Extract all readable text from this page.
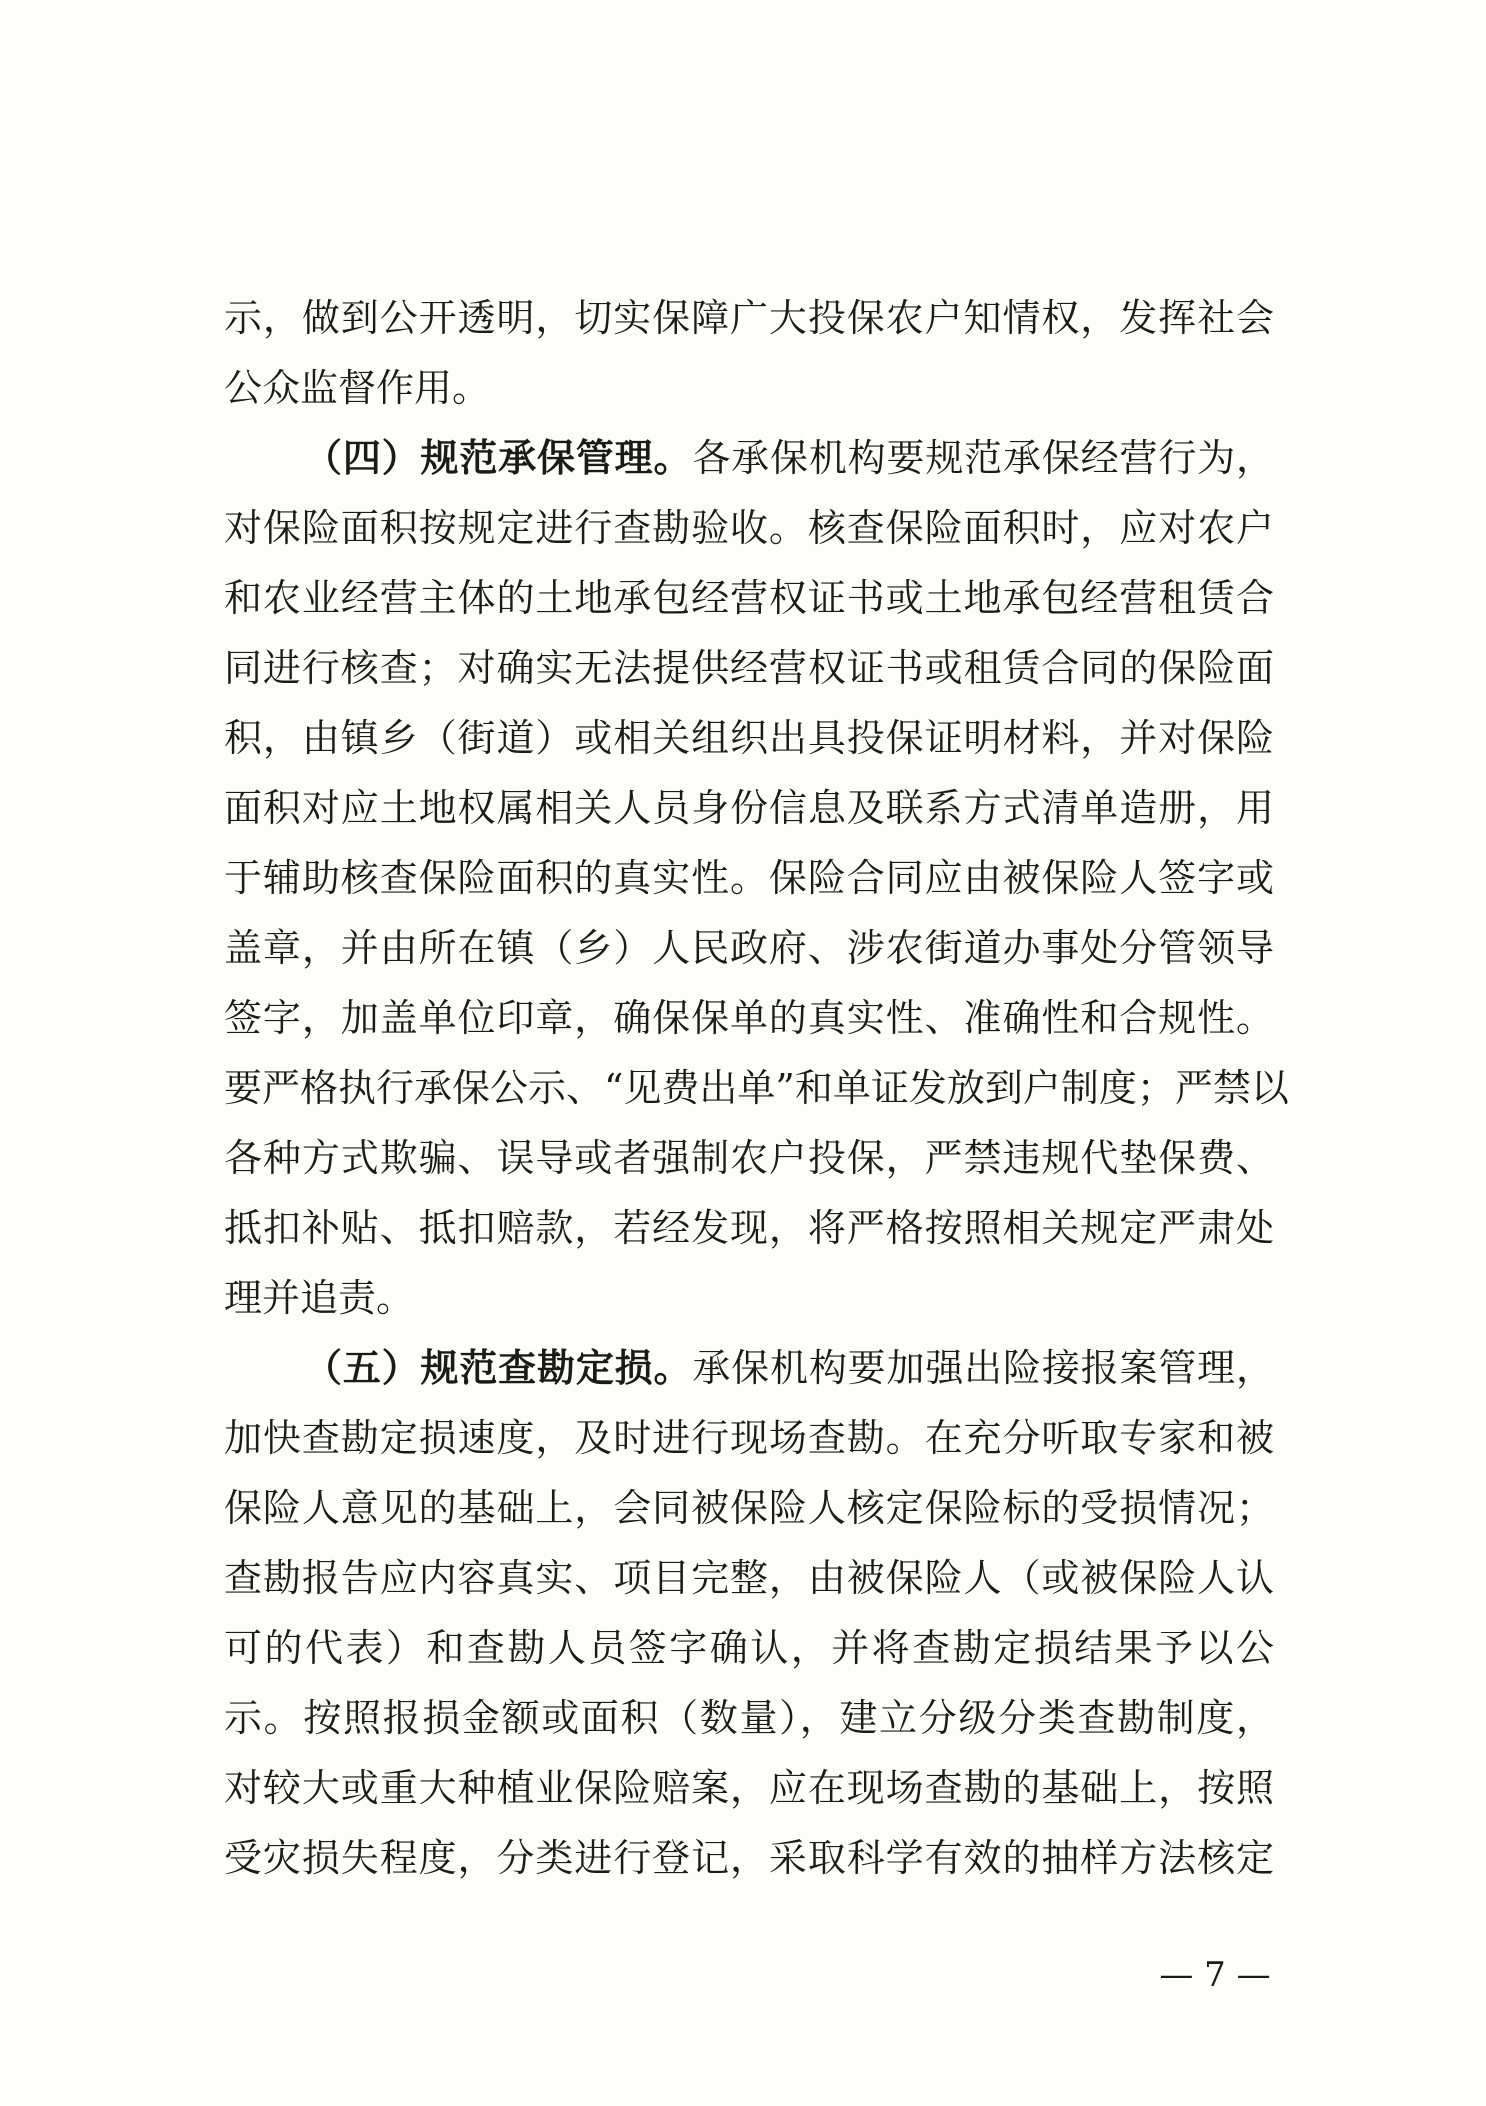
示，做到公开透明，切实保障广大投保农户知情权，发挥社会
公众监督作用。
（四）规范承保管理。各承保机构要规范承保经营行为，
对保险面积按规定进行查勘验收。核查保险面积时，应对农户
和农业经营主体的土地承包经营权证书或土地承包经营租赁合
同进行核查；对确实无法提供经营权证书或租赁合同的保险面
积，由镇乡（街道）或相关组织出具投保证明材料，并对保险
面积对应土地权属相关人员身份信息及联系方式清单造册，用
于辅助核查保险面积的真实性。保险合同应由被保险人签字或
盖章，并由所在镇（乡）人民政府、涉农街道办事处分管领导
签字，加盖单位印章，确保保单的真实性、准确性和合规性。
要严格执行承保公示、“见费出单”和单证发放到户制度；严禁以
各种方式欺骗、误导或者强制农户投保，严禁违规代垫保费、
抵扣补贴、抵扣赔款，若经发现，将严格按照相关规定严肃处
理并追责。
（五）规范查勘定损。承保机构要加强出险接报案管理，
加快查勘定损速度，及时进行现场查勘。在充分听取专家和被
保险人意见的基础上，会同被保险人核定保险标的受损情况；
查勘报告应内容真实、项目完整，由被保险人（或被保险人认
可的代表）和查勘人员签字确认，并将查勘定损结果予以公
示。按照报损金额或面积（数量），建立分级分类查勘制度，
对较大或重大种植业保险赔案，应在现场查勘的基础上，按照
受灾损失程度，分类进行登记，采取科学有效的抽样方法核定
— 7 —
